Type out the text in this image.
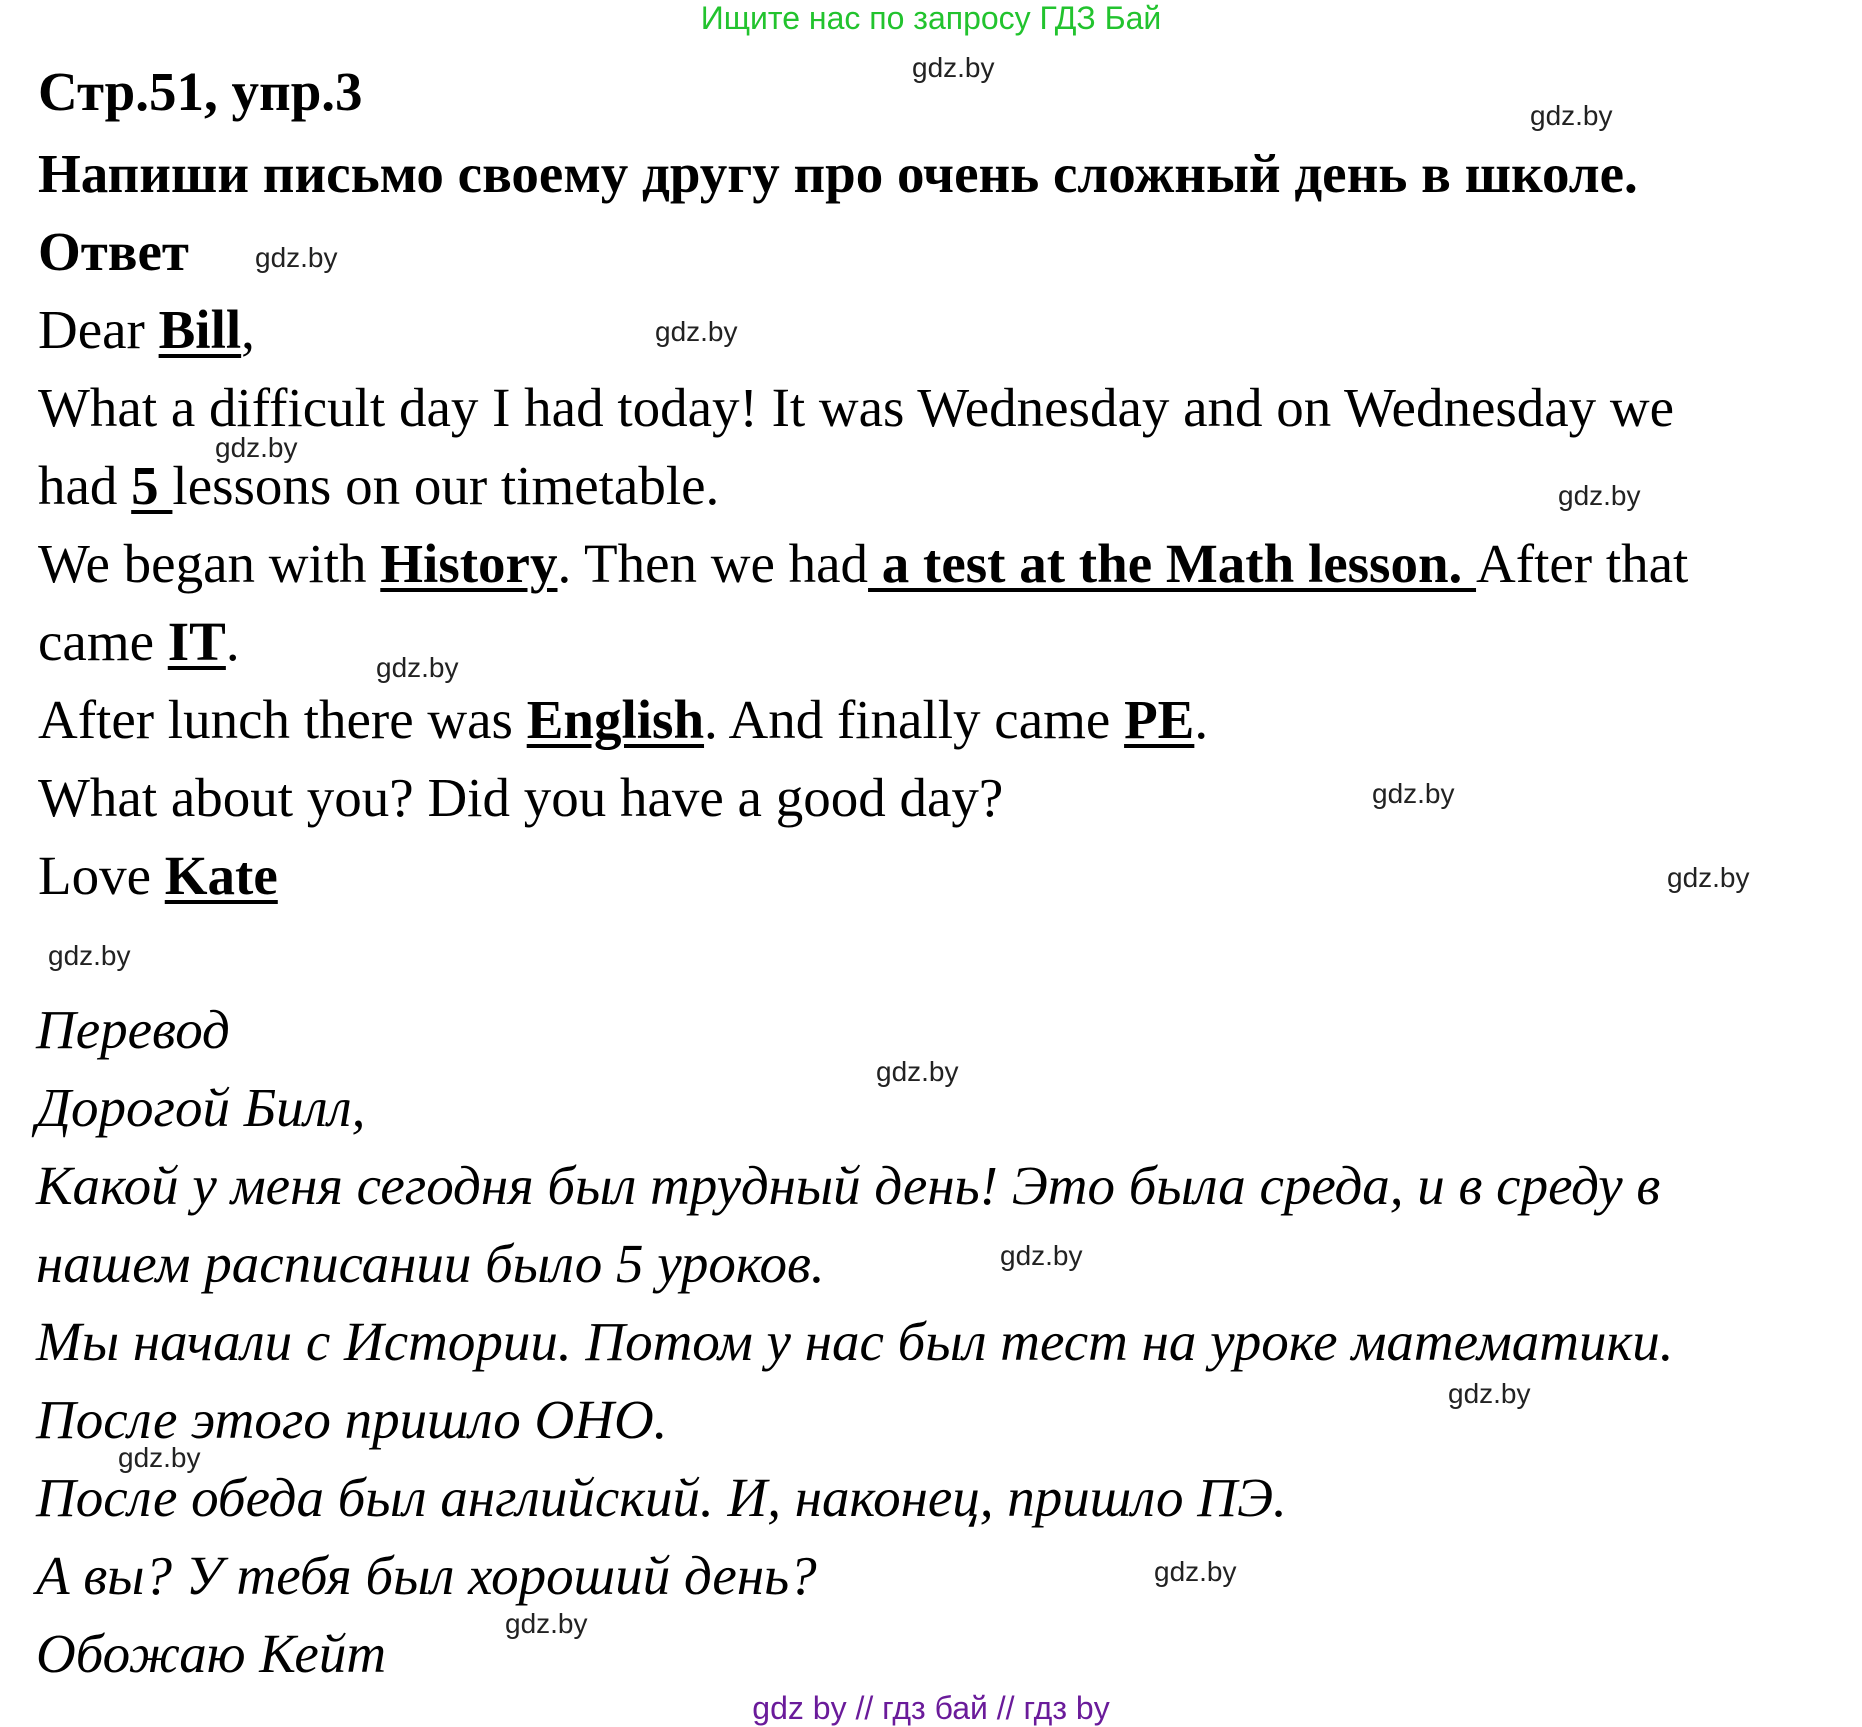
Ищите нас по запросу ГДЗ Бай
Стр.51, упр.3
Напиши письмо своему другу про очень сложный день в школе.
Ответ
Dear Bill,
What a difficult day I had today! It was Wednesday and on Wednesday we
had 5 lessons on our timetable.
We began with History. Then we had a test at the Math lesson. After that
came IT.
After lunch there was English. And finally came PE.
What about you? Did you have a good day?
Love Kate
Перевод
Дорогой Билл,
Какой у меня сегодня был трудный день! Это была среда, и в среду в
нашем расписании было 5 уроков.
Мы начали с Истории. Потом у нас был тест на уроке математики.
После этого пришло ОНО.
После обеда был английский. И, наконец, пришло ПЭ.
А вы? У тебя был хороший день?
Обожаю Кейт
gdz.by
gdz.by
gdz.by
gdz.by
gdz.by
gdz.by
gdz.by
gdz.by
gdz.by
gdz.by
gdz.by
gdz.by
gdz.by
gdz.by
gdz.by
gdz.by
gdz by // гдз бай // гдз by
